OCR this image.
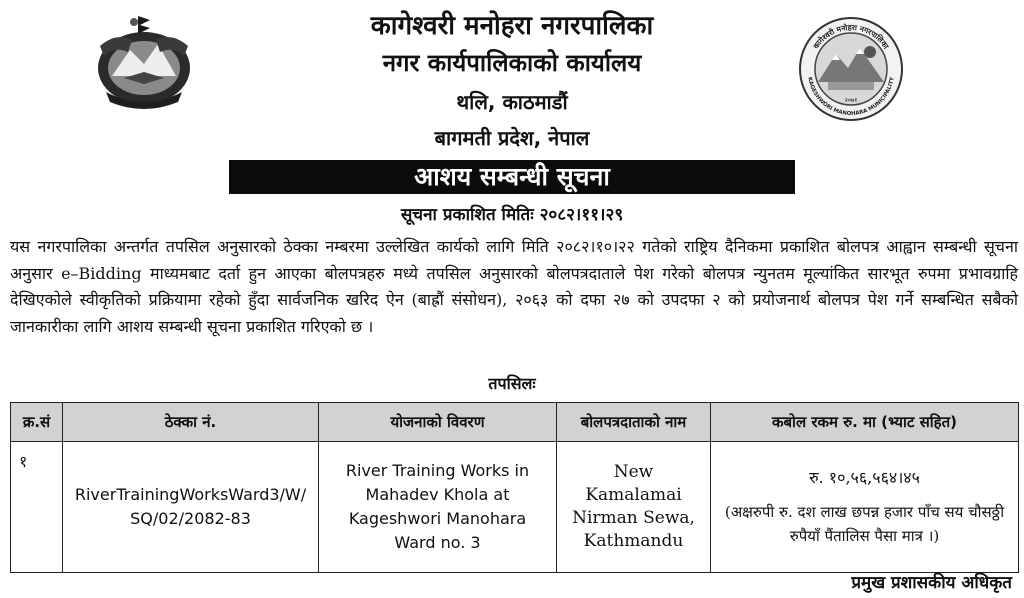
कागेश्वरी मनोहरा नगरपालिका
KAGESHWORI MANOHARA MUNICIPALITY
२०७१
कागेश्वरी मनोहरा नगरपालिका
नगर कार्यपालिकाको कार्यालय
थलि, काठमाडौं
बागमती प्रदेश, नेपाल
आशय सम्बन्धी सूचना
सूचना प्रकाशित मितिः २०८२।११।२९

यस नगरपालिका अन्तर्गत तपसिल अनुसारको ठेक्का नम्बरमा उल्लेखित कार्यको लागि मिति २०८२।१०।२२ गतेको राष्ट्रिय दैनिकमा प्रकाशित बोलपत्र आह्वान सम्बन्धी सूचना अनुसार e–Bidding माध्यमबाट दर्ता हुन आएका बोलपत्रहरु मध्ये तपसिल अनुसारको बोलपत्रदाताले पेश गरेको बोलपत्र न्युनतम मूल्यांकित सारभूत रुपमा प्रभावग्राहि देखिएकोले स्वीकृतिको प्रक्रियामा रहेको हुँदा सार्वजनिक खरिद ऐन (बाह्रौं संसोधन), २०६३ को दफा २७ को उपदफा २ को प्रयोजनार्थ बोलपत्र पेश गर्ने सम्बन्धित सबैको जानकारीका लागि आशय सम्बन्धी सूचना प्रकाशित गरिएको छ ।

तपसिलः
क्र.सं	ठेक्का नं.	योजनाको विवरण	बोलपत्रदाताको नाम	कबोल रकम रु. मा (भ्याट सहित)
१	RiverTrainingWorksWard3/W/SQ/02/2082-83	River Training Works in Mahadev Khola at Kageshwori Manohara Ward no. 3	New Kamalamai Nirman Sewa, Kathmandu	रु. १०,५६,५६४।४५
(अक्षरुपी रु. दश लाख छपन्न हजार पाँच सय चौसठ्ठी रुपैयाँ पैंतालिस पैसा मात्र ।)
प्रमुख प्रशासकीय अधिकृत
